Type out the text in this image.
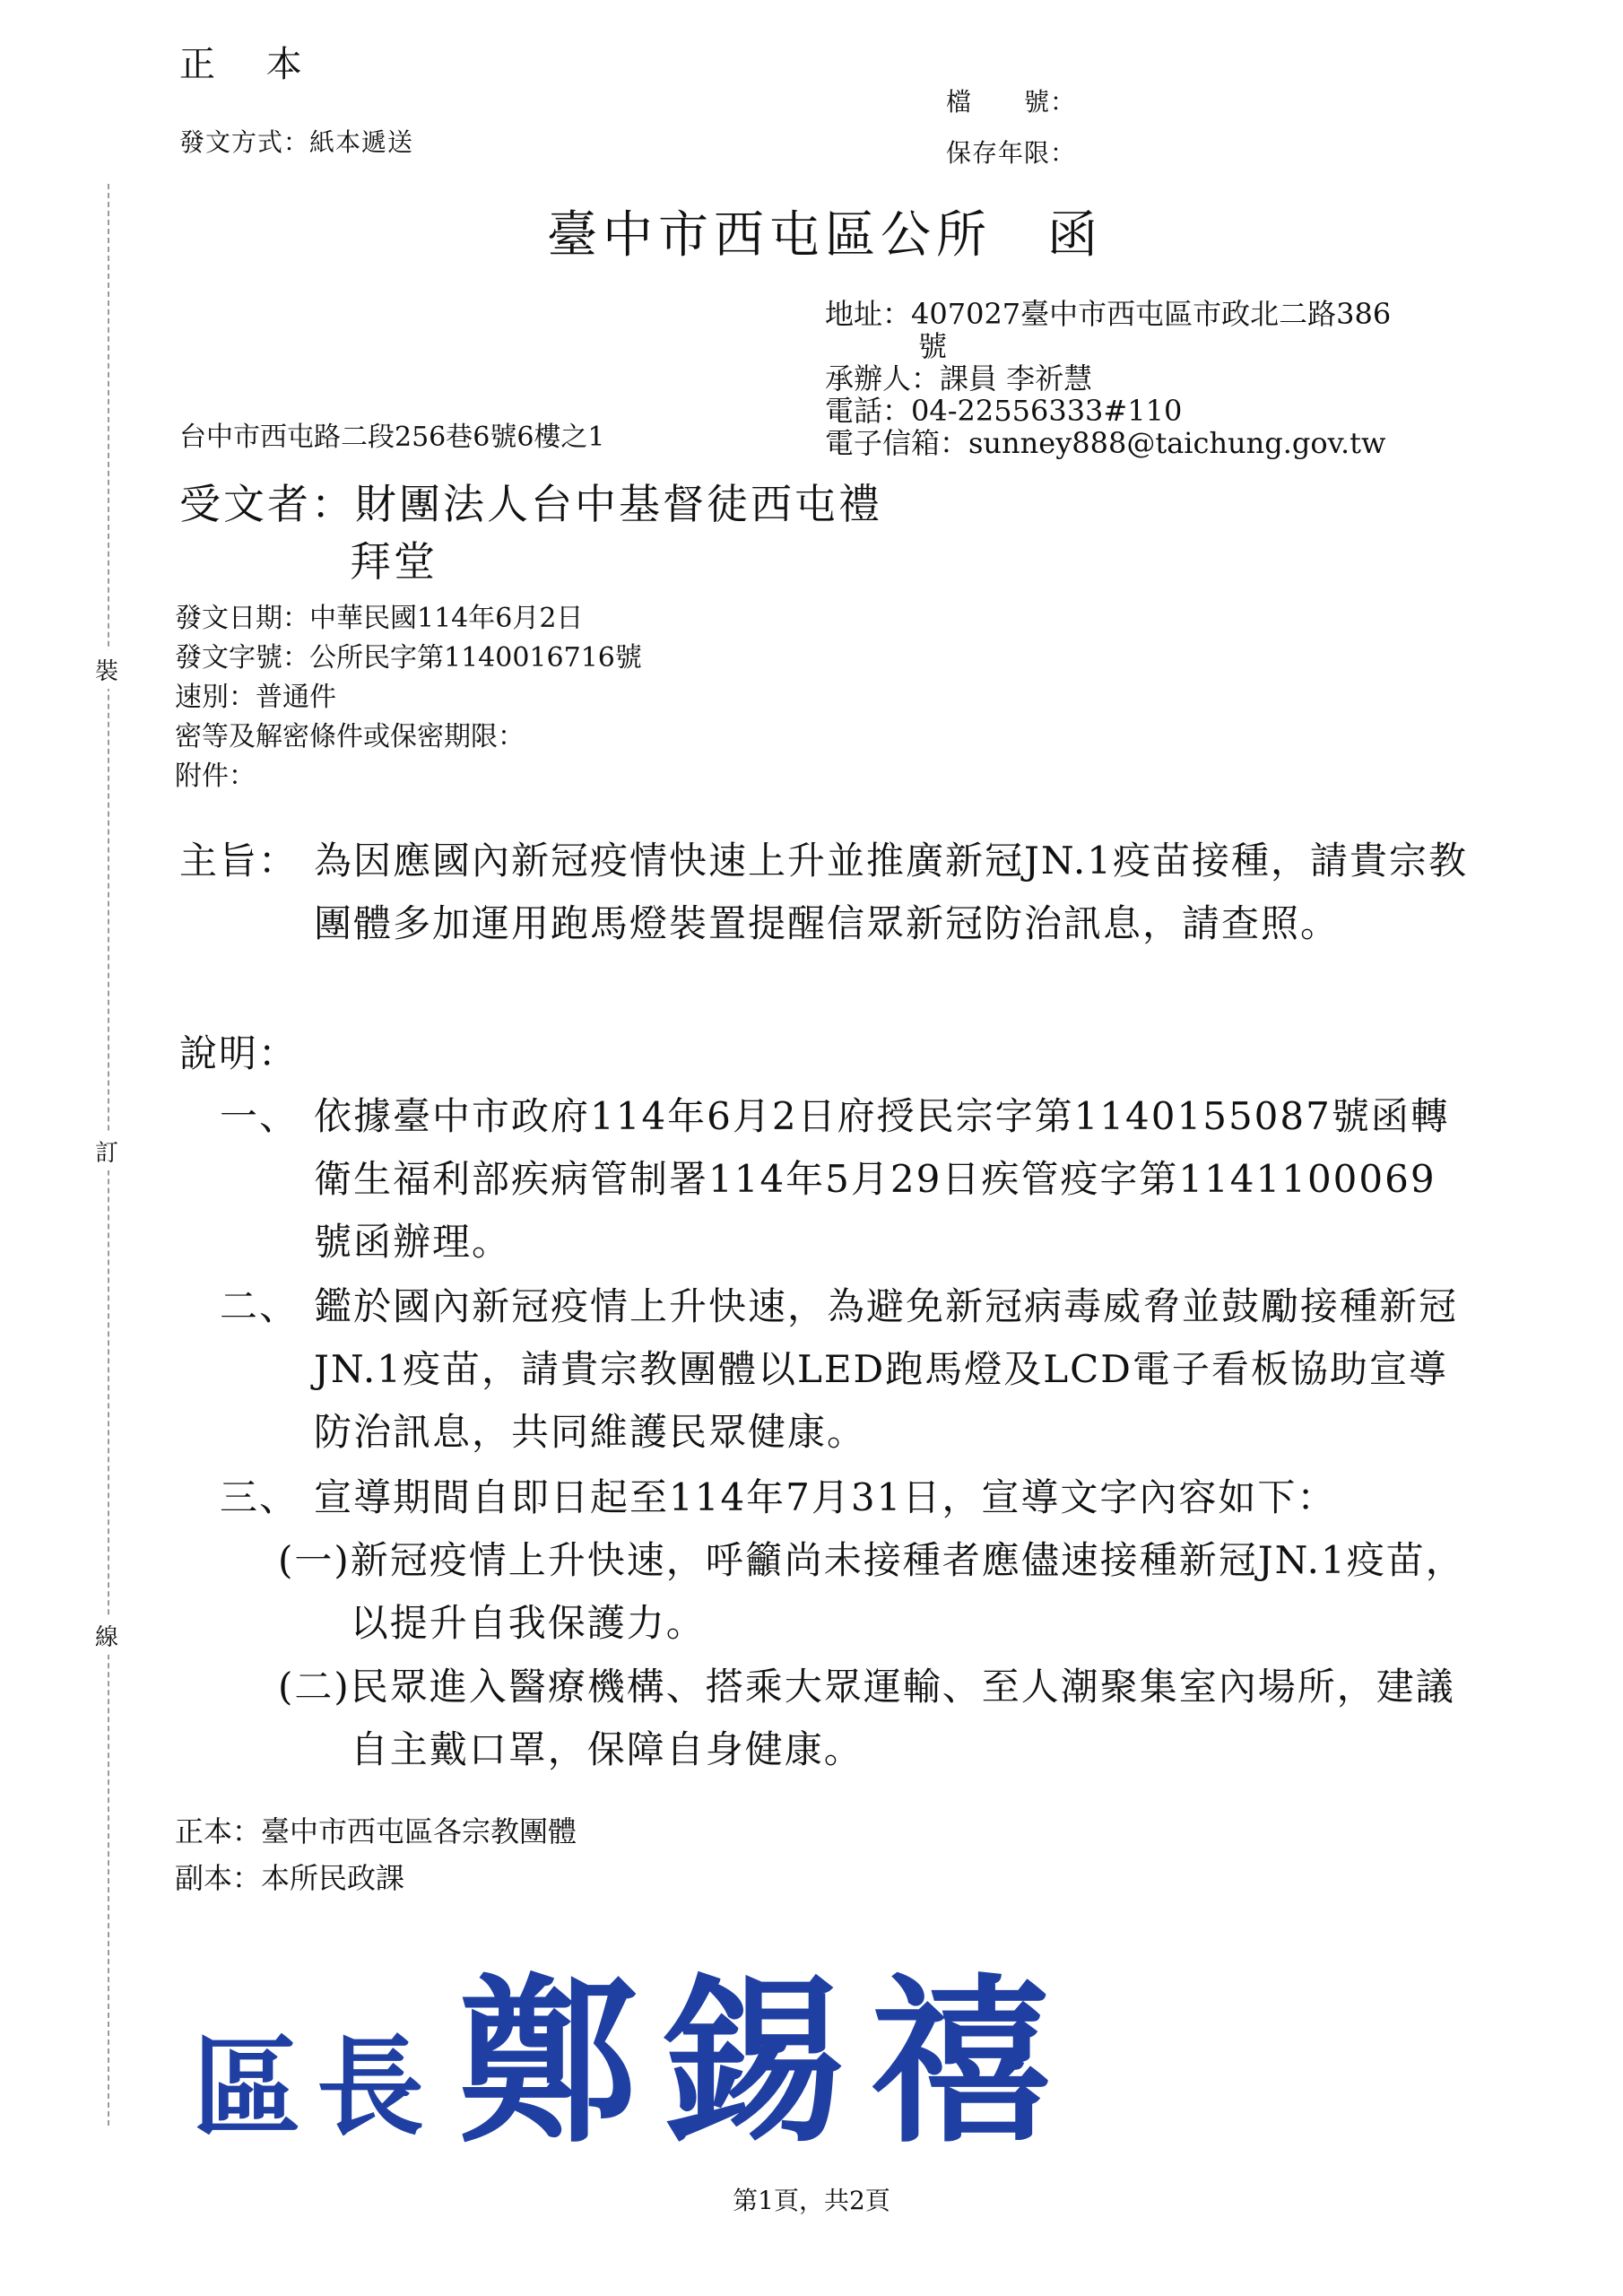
裝
訂
線
正 本
發文方式：紙本遞送
檔　　號：
保存年限：
臺中市西屯區公所　函
地址：407027臺中市西屯區市政北二路386
號
承辦人：課員 李祈慧
電話：04-22556333#110
電子信箱：sunney888@taichung.gov.tw
台中市西屯路二段256巷6號6樓之1
受文者：財團法人台中基督徒西屯禮
拜堂
發文日期：中華民國114年6月2日
發文字號：公所民字第1140016716號
速別：普通件
密等及解密條件或保密期限：
附件：
主旨： 為因應國內新冠疫情快速上升並推廣新冠JN.1疫苗接種，請貴宗教團體多加運用跑馬燈裝置提醒信眾新冠防治訊息，請查照。
說明：
一、 依據臺中市政府114年6月2日府授民宗字第1140155087號函轉衛生福利部疾病管制署114年5月29日疾管疫字第1141100069號函辦理。
二、 鑑於國內新冠疫情上升快速，為避免新冠病毒威脅並鼓勵接種新冠JN.1疫苗，請貴宗教團體以LED跑馬燈及LCD電子看板協助宣導防治訊息，共同維護民眾健康。
三、 宣導期間自即日起至114年7月31日，宣導文字內容如下：
(一) 新冠疫情上升快速，呼籲尚未接種者應儘速接種新冠JN.1疫苗，以提升自我保護力。
(二) 民眾進入醫療機構、搭乘大眾運輸、至人潮聚集室內場所，建議自主戴口罩，保障自身健康。
正本：臺中市西屯區各宗教團體
副本：本所民政課
區長 鄭錫禧
第1頁，共2頁
